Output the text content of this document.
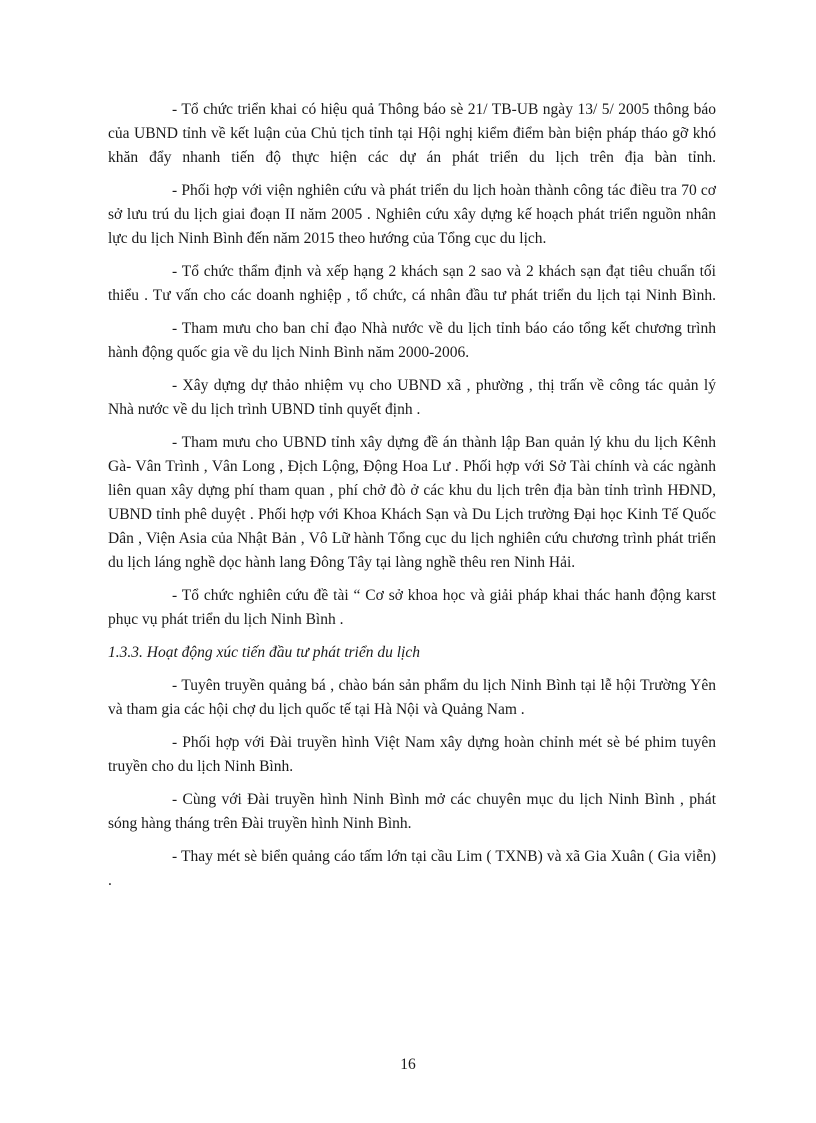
- Tổ chức triển khai có hiệu quả Thông báo sè 21/ TB-UB ngày 13/ 5/ 2005 thông báo của UBND tỉnh về kết luận của Chủ tịch tỉnh tại Hội nghị kiểm điểm bàn biện pháp tháo gỡ khó khăn đẩy nhanh tiến độ thực hiện các dự án phát triển du lịch trên địa bàn tỉnh.

- Phối hợp với viện nghiên cứu và phát triển du lịch hoàn thành công tác điều tra 70 cơ sở lưu trú du lịch giai đoạn II năm 2005 . Nghiên cứu xây dựng kế hoạch phát triển nguồn nhân lực du lịch Ninh Bình đến năm 2015 theo hướng của Tổng cục du lịch.

- Tổ chức thẩm định và xếp hạng 2 khách sạn 2 sao và 2 khách sạn đạt tiêu chuẩn tối thiểu . Tư vấn cho các doanh nghiệp , tổ chức, cá nhân đầu tư phát triển du lịch tại Ninh Bình.

- Tham mưu cho ban chỉ đạo Nhà nước về du lịch tỉnh báo cáo tổng kết chương trình hành động quốc gia về du lịch Ninh Bình năm 2000-2006.

- Xây dựng dự thảo nhiệm vụ cho UBND xã , phường , thị trấn về công tác quản lý Nhà nước về du lịch trình UBND tỉnh quyết định .

- Tham mưu cho UBND tỉnh xây dựng đề án thành lập Ban quản lý khu du lịch Kênh Gà- Vân Trình , Vân Long , Địch Lộng, Động Hoa Lư . Phối hợp với Sở Tài chính và các ngành liên quan xây dựng phí tham quan , phí chở đò ở các khu du lịch trên địa bàn tỉnh trình HĐND, UBND tỉnh phê duyệt . Phối hợp với Khoa Khách Sạn và Du Lịch trường Đại học Kinh Tế Quốc Dân , Viện Asia của Nhật Bản , Vô Lữ hành Tổng cục du lịch nghiên cứu chương trình phát triển du lịch láng nghề dọc hành lang Đông Tây tại làng nghề thêu ren Ninh Hải.

- Tổ chức nghiên cứu đề tài “ Cơ sở khoa học và giải pháp khai thác hanh động karst phục vụ phát triển du lịch Ninh Bình .

1.3.3. Hoạt động xúc tiến đầu tư phát triển du lịch

- Tuyên truyền quảng bá , chào bán sản phẩm du lịch Ninh Bình tại lễ hội Trường Yên và tham gia các hội chợ du lịch quốc tế tại Hà Nội và Quảng Nam .

- Phối hợp với Đài truyền hình Việt Nam xây dựng hoàn chỉnh mét sè bé phim tuyên truyền cho du lịch Ninh Bình.

- Cùng với Đài truyền hình Ninh Bình mở các chuyên mục du lịch Ninh Bình , phát sóng hàng tháng trên Đài truyền hình Ninh Bình.

- Thay mét sè biển quảng cáo tấm lớn tại cầu Lim ( TXNB) và xã Gia Xuân ( Gia viễn) .

16
